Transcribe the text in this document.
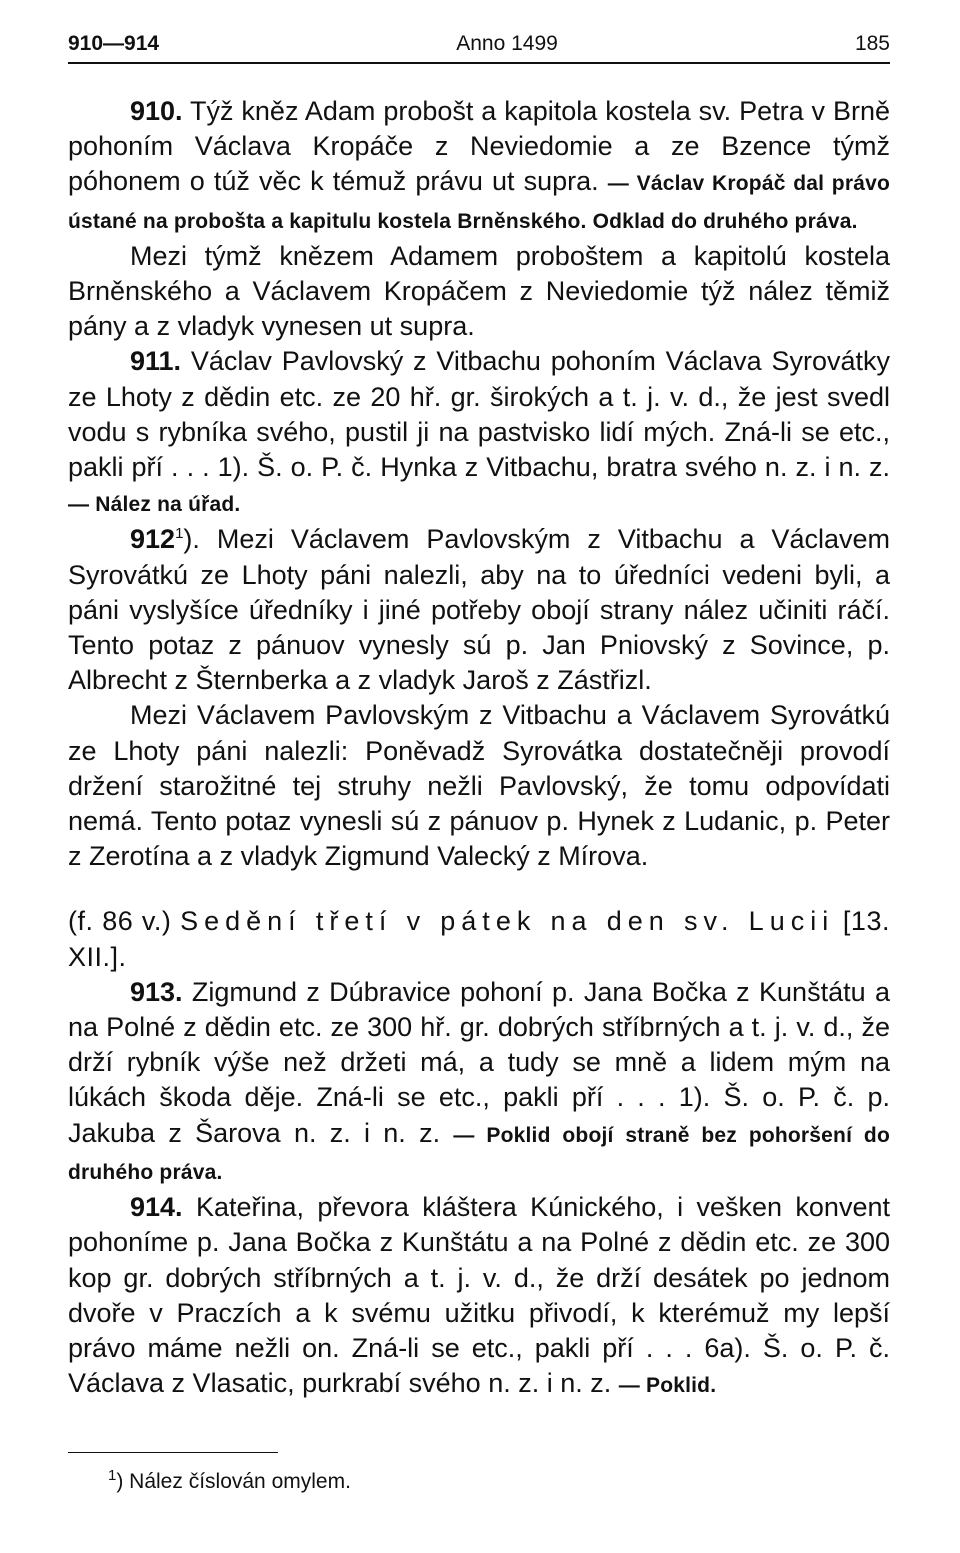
910—914	Anno 1499	185

910. Týž kněz Adam probošt a kapitola kostela sv. Petra v Brně pohoním Václava Kropáče z Neviedomie a ze Bzence týmž póhonem o túž věc k témuž právu ut supra. — Václav Kropáč dal právo ústané na probošta a kapitulu kostela Brněnského. Odklad do druhého práva.

Mezi týmž knězem Adamem proboštem a kapitolú kostela Brněnského a Václavem Kropáčem z Neviedomie týž nález těmiž pány a z vladyk vynesen ut supra.

911. Václav Pavlovský z Vitbachu pohoním Václava Syrovátky ze Lhoty z dědin etc. ze 20 hř. gr. širokých a t. j. v. d., že jest svedl vodu s rybníka svého, pustil ji na pastvisko lidí mých. Zná-li se etc., pakli pří . . . 1). Š. o. P. č. Hynka z Vitbachu, bratra svého n. z. i n. z. — Nález na úřad.

$912^1$). Mezi Václavem Pavlovským z Vitbachu a Václavem Syrovátkú ze Lhoty páni nalezli, aby na to úředníci vedeni byli, a páni vyslyšíce úředníky i jiné potřeby obojí strany nález učiniti ráčí. Tento potaz z pánuov vynesly sú p. Jan Pniovský z Sovince, p. Albrecht z Šternberka a z vladyk Jaroš z Zástřizl.

Mezi Václavem Pavlovským z Vitbachu a Václavem Syrovátkú ze Lhoty páni nalezli: Poněvadž Syrovátka dostatečněji provodí držení starožitné tej struhy nežli Pavlovský, že tomu odpovídati nemá. Tento potaz vynesli sú z pánuov p. Hynek z Ludanic, p. Peter z Zerotína a z vladyk Zigmund Valecký z Mírova.

(f. 86 v.) Sedění třetí v pátek na den sv. Lucii [13. XII.].

913. Zigmund z Dúbravice pohoní p. Jana Bočka z Kunštátu a na Polné z dědin etc. ze 300 hř. gr. dobrých stříbrných a t. j. v. d., že drží rybník výše než držeti má, a tudy se mně a lidem mým na lúkách škoda děje. Zná-li se etc., pakli pří . . . 1). Š. o. P. č. p. Jakuba z Šarova n. z. i n. z. — Poklid obojí straně bez pohoršení do druhého práva.

914. Kateřina, převora kláštera Kúnického, i vešken konvent pohoníme p. Jana Bočka z Kunštátu a na Polné z dědin etc. ze 300 kop gr. dobrých stříbrných a t. j. v. d., že drží desátek po jednom dvoře v Praczích a k svému užitku přivodí, k kterémuž my lepší právo máme nežli on. Zná-li se etc., pakli pří . . . 6a). Š. o. P. č. Václava z Vlasatic, purkrabí svého n. z. i n. z. — Poklid.

$^1$) Nález číslován omylem.
